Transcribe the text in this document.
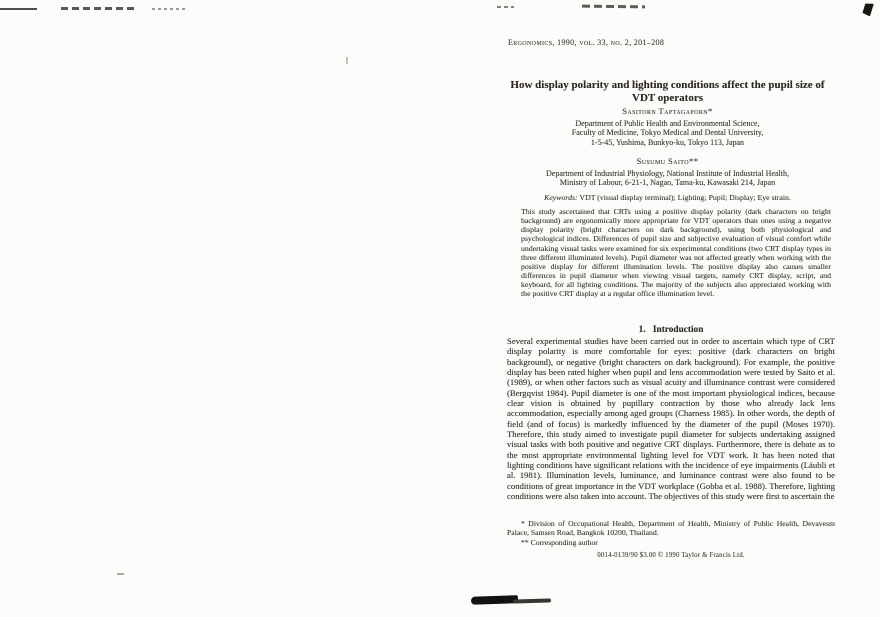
Ergonomics, 1990, vol. 33, no. 2, 201–208
How display polarity and lighting conditions affect the pupil size of
VDT operators
Sasitorn Taptagaporn*
Department of Public Health and Environmental Science,
Faculty of Medicine, Tokyo Medical and Dental University,
1-5-45, Yushima, Bunkyo-ku, Tokyo 113, Japan
Susumu Saito**
Department of Industrial Physiology, National Institute of Industrial Health,
Ministry of Labour, 6-21-1, Nagao, Tama-ku, Kawasaki 214, Japan
Keywords: VDT (visual display terminal); Lighting; Pupil; Display; Eye strain.
This study ascertained that CRTs using a positive display polarity (dark characters on bright background) are ergonomically more appropriate for VDT operators than ones using a negative display polarity (bright characters on dark background), using both physiological and psychological indices. Differences of pupil size and subjective evaluation of visual comfort while undertaking visual tasks were examined for six experimental conditions (two CRT display types in three different illuminated levels). Pupil diameter was not affected greatly when working with the positive display for different illumination levels. The positive display also causes smaller differences in pupil diameter when viewing visual targets, namely CRT display, script, and keyboard, for all lighting conditions. The majority of the subjects also appreciated working with the positive CRT display at a regular office illumination level.
1. Introduction
Several experimental studies have been carried out in order to ascertain which type of CRT display polarity is more comfortable for eyes: positive (dark characters on bright background), or negative (bright characters on dark background). For example, the positive display has been rated higher when pupil and lens accommodation were tested by Saito et al. (1989), or when other factors such as visual acuity and illuminance contrast were considered (Bergqvist 1984). Pupil diameter is one of the most important physiological indices, because clear vision is obtained by pupillary contraction by those who already lack lens accommodation, especially among aged groups (Charness 1985). In other words, the depth of field (and of focus) is markedly influenced by the diameter of the pupil (Moses 1970). Therefore, this study aimed to investigate pupil diameter for subjects undertaking assigned visual tasks with both positive and negative CRT displays. Furthermore, there is debate as to the most appropriate environmental lighting level for VDT work. It has been noted that lighting conditions have significant relations with the incidence of eye impairments (Läubli et al. 1981). Illumination levels, luminance, and luminance contrast were also found to be conditions of great importance in the VDT workplace (Gobba et al. 1988). Therefore, lighting conditions were also taken into account. The objectives of this study were first to ascertain the

* Division of Occupational Health, Department of Health, Ministry of Public Health, Devavesm Palace, Samsen Road, Bangkok 10200, Thailand.

** Corresponding author

0014-0139/90 $3.00 © 1990 Taylor & Francis Ltd.
